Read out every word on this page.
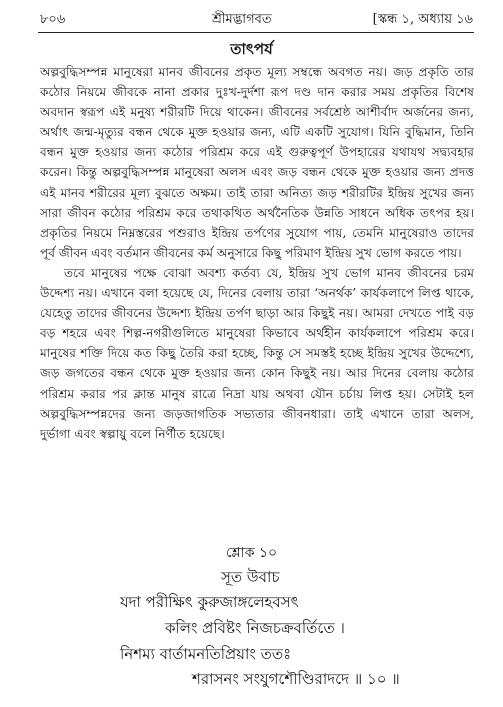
৮০৬	শ্রীমদ্ভাগবত	[স্কন্ধ ১, অধ্যায় ১৬
তাৎপর্য

অল্পবুদ্ধিসম্পন্ন মানুষেরা মানব জীবনের প্রকৃত মূল্য সম্বন্ধে অবগত নয়। জড় প্রকৃতি তার কঠোর নিয়মে জীবকে নানা প্রকার দুঃখ-দুর্দশা রূপ দণ্ড দান করার সময় প্রকৃতির বিশেষ অবদান স্বরূপ এই মনুষ্য শরীরটি দিয়ে থাকেন। জীবনের সর্বশ্রেষ্ঠ আশীর্বাদ অর্জনের জন্য, অর্থাৎ জন্ম-মৃত্যুর বন্ধন থেকে মুক্ত হওয়ার জন্য, এটি একটি সুযোগ। যিনি বুদ্ধিমান, তিনি বন্ধন মুক্ত হওয়ার জন্য কঠোর পরিশ্রম করে এই গুরুত্বপূর্ণ উপহারের যথাযথ সদ্ব্যবহার করেন। কিন্তু অল্পবুদ্ধিসম্পন্ন মানুষেরা অলস এবং জড় বন্ধন থেকে মুক্ত হওয়ার জন্য প্রদত্ত এই মানব শরীরের মূল্য বুঝতে অক্ষম। তাই তারা অনিত্য জড় শরীরটির ইন্দ্রিয় সুখের জন্য সারা জীবন কঠোর পরিশ্রম করে তথাকথিত অর্থনৈতিক উন্নতি সাধনে অধিক তৎপর হয়। প্রকৃতির নিয়মে নিম্নস্তরের পশুরাও ইন্দ্রিয় তর্পণের সুযোগ পায়, তেমনি মানুষেরাও তাদের পূর্ব জীবন এবং বর্তমান জীবনের কর্ম অনুসারে কিছু পরিমাণ ইন্দ্রিয় সুখ ভোগ করতে পায়।

তবে মানুষের পক্ষে বোঝা অবশ্য কর্তব্য যে, ইন্দ্রিয় সুখ ভোগ মানব জীবনের চরম উদ্দেশ্য নয়। এখানে বলা হয়েছে যে, দিনের বেলায় তারা ‘অনর্থক’ কার্যকলাপে লিপ্ত থাকে, যেহেতু তাদের জীবনের উদ্দেশ্য ইন্দ্রিয় তর্পণ ছাড়া আর কিছুই নয়। আমরা দেখতে পাই বড় বড় শহরে এবং শিল্প-নগরীগুলিতে মানুষেরা কিভাবে অর্থহীন কার্যকলাপে পরিশ্রম করে। মানুষের শক্তি দিয়ে কত কিছু তৈরি করা হচ্ছে, কিন্তু সে সমস্তই হচ্ছে ইন্দ্রিয় সুখের উদ্দেশ্যে, জড় জগতের বন্ধন থেকে মুক্ত হওয়ার জন্য কোন কিছুই নয়। আর দিনের বেলায় কঠোর পরিশ্রম করার পর ক্লান্ত মানুষ রাত্রে নিদ্রা যায় অথবা যৌন চর্চায় লিপ্ত হয়। সেটাই হল অল্পবুদ্ধিসম্পন্নদের জন্য জড়জাগতিক সভ্যতার জীবনধারা। তাই এখানে তারা অলস, দুর্ভাগা এবং স্বল্পায়ু বলে নির্ণীত হয়েছে।

শ্লোক ১০
সূত উবাচ
যদা পরীক্ষিৎ কুরুজাঙ্গলেহবসৎ
কলিং প্রবিষ্টং নিজচক্রবর্তিতে ।
নিশম্য বার্তামনতিপ্রিয়াং ততঃ
শরাসনং সংযুগশৌণ্ডিরাদদে ॥ ১০ ॥
